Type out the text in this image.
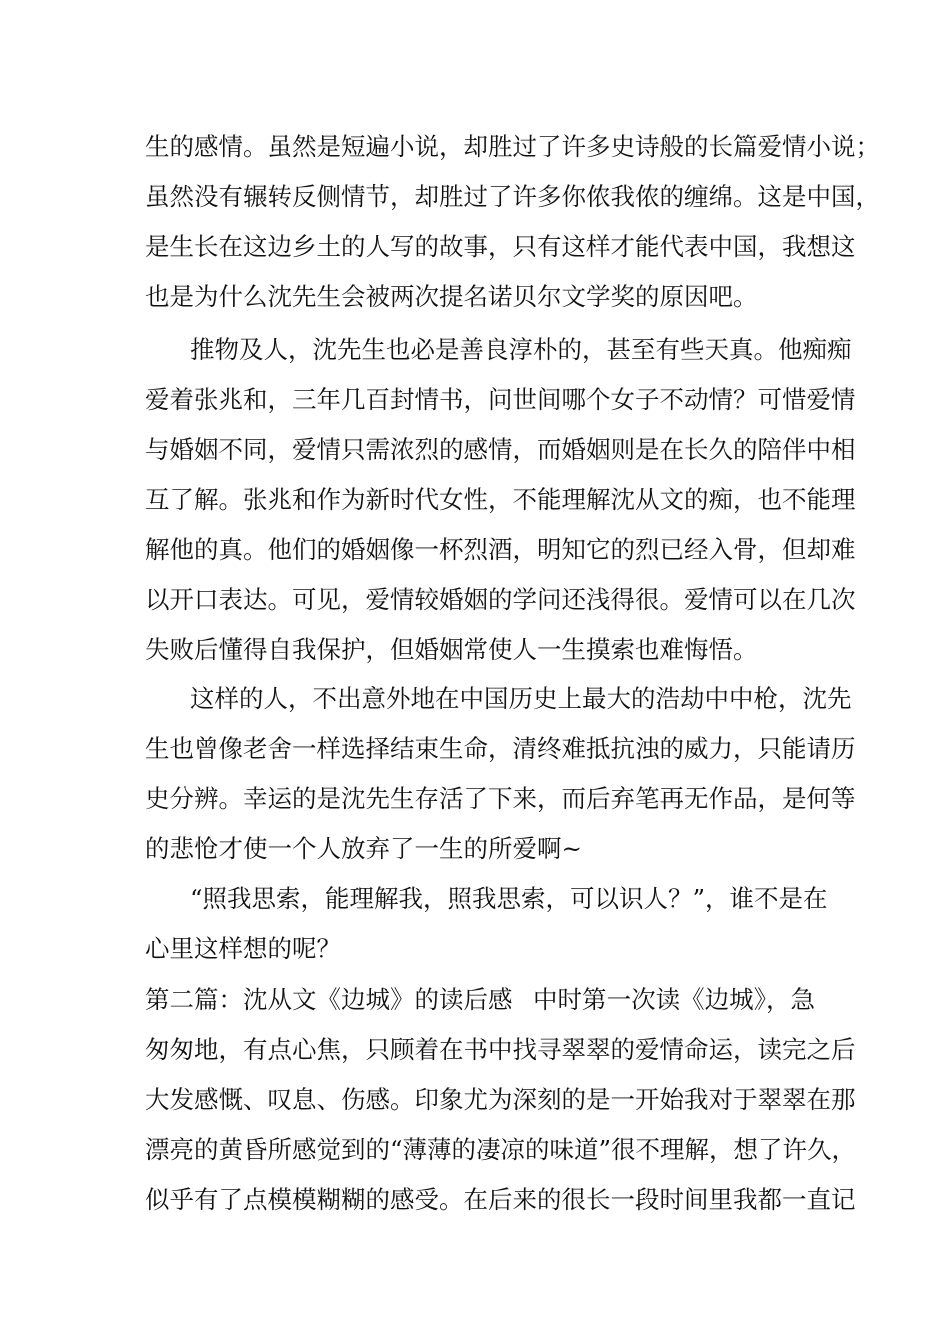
生的感情。虽然是短遍小说，却胜过了许多史诗般的长篇爱情小说；
虽然没有辗转反侧情节，却胜过了许多你侬我侬的缠绵。这是中国，
是生长在这边乡土的人写的故事，只有这样才能代表中国，我想这
也是为什么沈先生会被两次提名诺贝尔文学奖的原因吧。
推物及人，沈先生也必是善良淳朴的，甚至有些天真。他痴痴
爱着张兆和，三年几百封情书，问世间哪个女子不动情？可惜爱情
与婚姻不同，爱情只需浓烈的感情，而婚姻则是在长久的陪伴中相
互了解。张兆和作为新时代女性，不能理解沈从文的痴，也不能理
解他的真。他们的婚姻像一杯烈酒，明知它的烈已经入骨，但却难
以开口表达。可见，爱情较婚姻的学问还浅得很。爱情可以在几次
失败后懂得自我保护，但婚姻常使人一生摸索也难悔悟。
这样的人，不出意外地在中国历史上最大的浩劫中中枪，沈先
生也曾像老舍一样选择结束生命，清终难抵抗浊的威力，只能请历
史分辨。幸运的是沈先生存活了下来，而后弃笔再无作品，是何等
的悲怆才使一个人放弃了一生的所爱啊~
“照我思索，能理解我，照我思索，可以识人？”，谁不是在
心里这样想的呢？
第二篇：沈从文《边城》的读后感 中时第一次读《边城》，急
匆匆地，有点心焦，只顾着在书中找寻翠翠的爱情命运，读完之后
大发感慨、叹息、伤感。印象尤为深刻的是一开始我对于翠翠在那
漂亮的黄昏所感觉到的“薄薄的凄凉的味道”很不理解，想了许久，
似乎有了点模模糊糊的感受。在后来的很长一段时间里我都一直记
